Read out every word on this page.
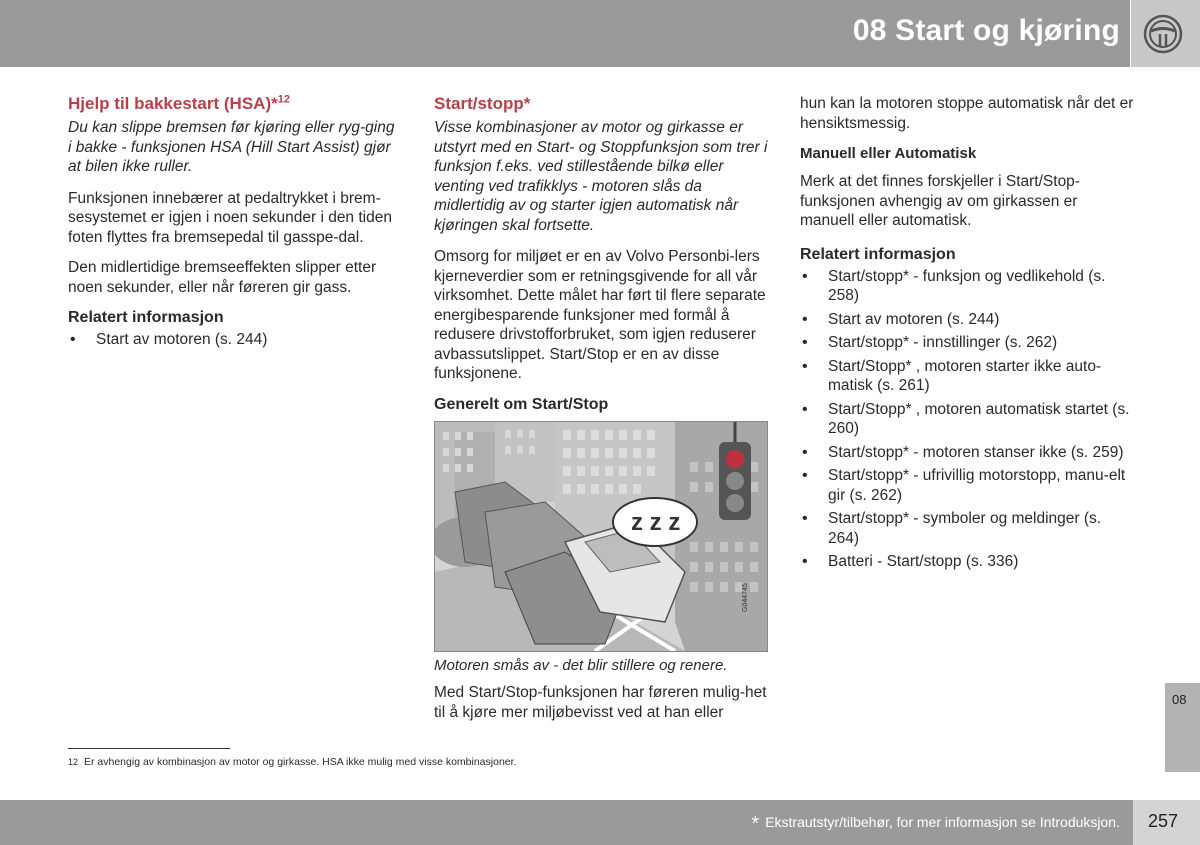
08 Start og kjøring
Hjelp til bakkestart (HSA)*$^{12}$

Du kan slippe bremsen før kjøring eller ryg-ging i bakke - funksjonen HSA (Hill Start Assist) gjør at bilen ikke ruller.

Funksjonen innebærer at pedaltrykket i brem-sesystemet er igjen i noen sekunder i den tiden foten flyttes fra bremsepedal til gasspe-dal.

Den midlertidige bremseeffekten slipper etter noen sekunder, eller når føreren gir gass.

Relatert informasjon
• Start av motoren (s. 244)
Start/stopp*

Visse kombinasjoner av motor og girkasse er utstyrt med en Start- og Stoppfunksjon som trer i funksjon f.eks. ved stillestående bilkø eller venting ved trafikklys - motoren slås da midlertidig av og starter igjen automatisk når kjøringen skal fortsette.

Omsorg for miljøet er en av Volvo Personbi-lers kjerneverdier som er retningsgivende for all vår virksomhet. Dette målet har ført til flere separate energibesparende funksjoner med formål å redusere drivstofforbruket, som igjen reduserer avbassutslippet. Start/Stop er en av disse funksjonene.

Generelt om Start/Stop
z z z
G044745
Motoren smås av - det blir stillere og renere.
Med Start/Stop-funksjonen har føreren mulig-het til å kjøre mer miljøbevisst ved at han eller

hun kan la motoren stoppe automatisk når det er hensiktsmessig.

Manuell eller Automatisk

Merk at det finnes forskjeller i Start/Stop-funksjonen avhengig av om girkassen er manuell eller automatisk.

Relatert informasjon
• Start/stopp* - funksjon og vedlikehold (s. 258)
• Start av motoren (s. 244)
• Start/stopp* - innstillinger (s. 262)
• Start/Stopp* , motoren starter ikke auto-matisk (s. 261)
• Start/Stopp* , motoren automatisk startet (s. 260)
• Start/stopp* - motoren stanser ikke (s. 259)
• Start/stopp* - ufrivillig motorstopp, manu-elt gir (s. 262)
• Start/stopp* - symboler og meldinger (s. 264)
• Batteri - Start/stopp (s. 336)
12 Er avhengig av kombinasjon av motor og girkasse. HSA ikke mulig med visse kombinasjoner.
08
* Ekstrautstyr/tilbehør, for mer informasjon se Introduksjon. 257
